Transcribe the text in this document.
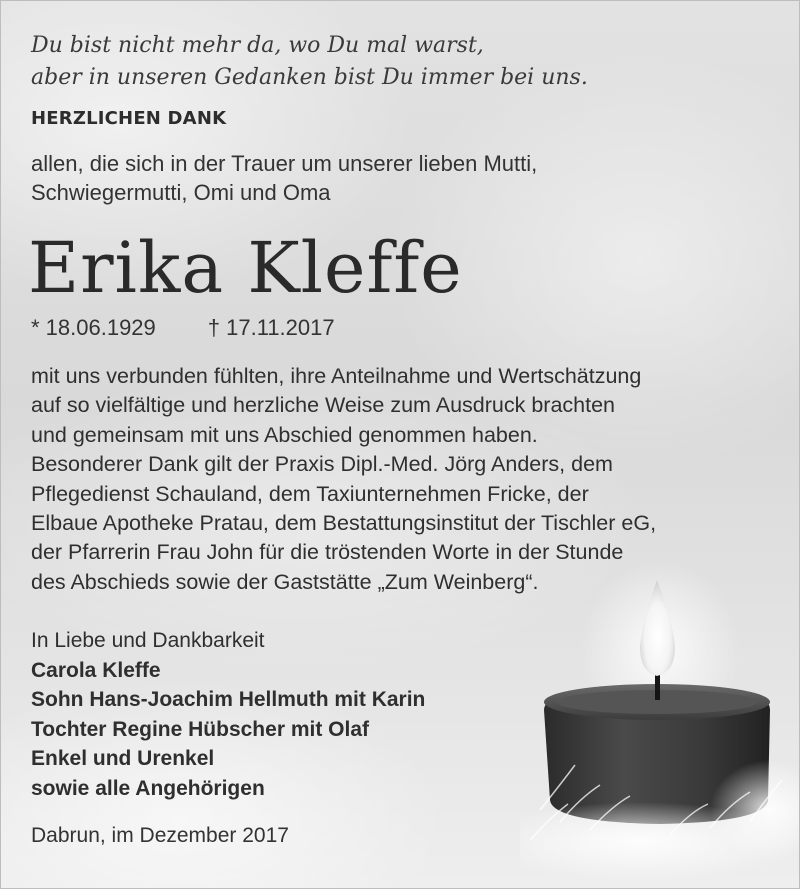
Du bist nicht mehr da, wo Du mal warst,
aber in unseren Gedanken bist Du immer bei uns.

HERZLICHEN DANK

allen, die sich in der Trauer um unserer lieben Mutti,
Schwiegermutti, Omi und Oma

Erika Kleffe
* 18.06.1929 † 17.11.2017

mit uns verbunden fühlten, ihre Anteilnahme und Wertschätzung
auf so vielfältige und herzliche Weise zum Ausdruck brachten
und gemeinsam mit uns Abschied genommen haben.
Besonderer Dank gilt der Praxis Dipl.-Med. Jörg Anders, dem
Pflegedienst Schauland, dem Taxiunternehmen Fricke, der
Elbaue Apotheke Pratau, dem Bestattungsinstitut der Tischler eG,
der Pfarrerin Frau John für die tröstenden Worte in der Stunde
des Abschieds sowie der Gaststätte „Zum Weinberg“.

In Liebe und Dankbarkeit
Carola Kleffe
Sohn Hans-Joachim Hellmuth mit Karin
Tochter Regine Hübscher mit Olaf
Enkel und Urenkel
sowie alle Angehörigen

Dabrun, im Dezember 2017
